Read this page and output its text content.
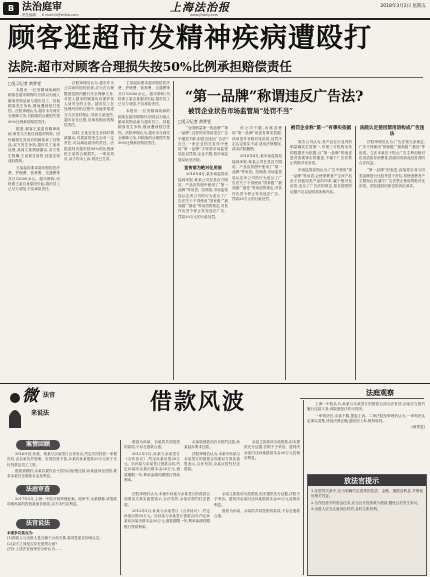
B 法治庭审
责任编辑 E-mail:fz@shfzb.com
上海法治报
www.jfdaily.com
2018年3月2日 星期五
顾客逛超市发精神疾病遭殴打
法院:超市对顾客合理损失按50%比例承担赔偿责任
□见习记者 黄霁雯

本报讯 一位有精神疾病的顾客在超市购物时,因误以为他人偷拿其物品而与超市员工、其他顾客发生争执,继而遭到殴打受伤。法院审理认为,超市未尽到安全保障义务,对顾客的合理损失按50%比例承担赔偿责任。

据悉,顾客王某患有精神疾病,事发当天独自到超市购物。因怀疑排在其身后的顾客拿了其物品,双方发生争执,超市员工前来处理,其间王某情绪激动,双方发生推搡,王某被打致伤,经鉴定构成轻微伤。

王某起诉要求超市赔偿医疗费、护理费、营养费、交通费等共计12000余元。超市辩称,纠纷系王某自身原因引起,超市员工已尽力劝阻,不应承担责任。

法院审理后认为,超市作为公共场所的经营者,应当在合理限度范围内履行安全保障义务,对进入超市的顾客负有保护其人身安全的义务。超市员工在处理纠纷的过程中,未能采取适当方法及时制止,导致王某受伤,超市存在过错,应承担相应的赔偿责任。

同时,王某在发生争执时情绪激动,对损害的发生亦有一定责任,可以减轻超市的责任。法院遂判决超市按50%的比例承担王某的合理损失。一审宣判后,双方均未上诉,判决已生效。

王某起诉要求超市赔偿医疗费、护理费、营养费、交通费等共计12000余元。超市辩称,纠纷系王某自身原因引起,超市员工已尽力劝阻,不应承担责任。

本报讯 一位有精神疾病的顾客在超市购物时,因误以为他人偷拿其物品而与超市员工、其他顾客发生争执,继而遭到殴打受伤。法院审理认为,超市未尽到安全保障义务,对顾客的合理损失按50%比例承担赔偿责任。

“第一品牌”称谓违反广告法?
被罚企业状告市场监管局“处罚不当”
□见习记者 黄霁雯

“全国销量第一的品牌”“第一品牌”,这样的宣传用语在广告中屡见不鲜,但是否违反广告法?近日,一家企业因在宣传中使用“第一品牌”字样被市场监管局处以罚款,企业不服,将市场监管局诉至法院。

宣传语为绝对化用语

2016年4月,某市场监管局接到举报,称某公司在其官方网站、产品宣传册中使用了“第一品牌”等用语。经调查,市场监管局认定该公司的行为违反了广告法关于不得使用“国家级”“最高级”“最佳”等用语的规定,对其作出责令停止发布违法广告、罚款20万元的行政处罚。

该公司不服,诉称其使用“第一品牌”用语有事实依据,该用语并非绝对化用语,处罚决定认定事实不清,适用法律错误,请求法院撤销。

2016年4月,某市场监管局接到举报,称某公司在其官方网站、产品宣传册中使用了“第一品牌”等用语。经调查,市场监管局认定该公司的行为违反了广告法关于不得使用“国家级”“最高级”“最佳”等用语的规定,对其作出责令停止发布违法广告、罚款20万元的行政处罚。

被罚企业称“第一”有事实依据

原告公司认为,其产品在行业内的销量确实位居第一,有第三方机构出具的数据作为依据,且“第一品牌”的表述是对客观事实的描述,不属于广告法禁止的绝对化用语。

市场监管局则认为,广告中使用“第一品牌”等用语,会使消费者产生该产品优于其他同类产品的印象,属于绝对化用语,违反了广告法的规定,原告提供的证据不足以证明其所称内容。

法院认定使用禁用语构成广告违法

法院审理后认为,广告法第九条规定,广告不得使用“国家级”“最高级”“最佳”等用语。立法本意在于防止广告主利用绝对化用语误导消费者,损害同类商品经营者的合法权益。

“第一品牌”的表述,直接将自身与同类品牌进行比较并居于首位,易使消费者产生错误认识,属于广告法禁止使用的绝对化用语。法院遂驳回原告的诉讼请求。

微 法官
来说法	借款风波	法庭观察
案情回顾
法庭审查
法官说法

2016年初,孙某、林某与余某签订合作协议,约定共同经营一家餐饮店,由余某负责管理。后因经营不善,余某向孙某借款20万元用于支付货款及员工工资。

借款到期后,余某以餐饮店亏损为由拒绝还款,孙某遂诉至法院,要求余某归还借款本金及利息。

2017年3月,上海一中院开庭审理此案。庭审中,余某辩称,该笔款项系孙某的投资款而非借款,双方未约定利息。

本案争议焦点为:

(1)借款人与出借人是否属于合伙关系,款项性质应如何认定;

(2)双方之间是否存在借贷合意?

法官:上述法官庭审后分析认为......

借款为孙某、余某的共同投资的款项,不存在借款合意。

2012年3月,孙某与余某签订《合作协议》,约定孙某出资20万元。后孙某与余某签订借款合同,约定孙某向余某出借本金20万元,借款期限一年,利率参照同期银行贷款利率。

余某收到款项后未按约还款,孙某起诉要求还款。

法院审理后认为,本案中孙某与余某签订的借款合同系双方真实意思表示,合法有效,余某应按约归还借款。

余某主张款项为投资款,但未提供充分证据,法院不予采信。遂判决余某归还孙某借款本金20万元及相应利息。

法院审理后认为,本案中孙某与余某签订的借款合同系双方真实意思表示,合法有效,余某应按约归还借款。

2012年3月,孙某与余某签订《合作协议》,约定孙某出资20万元。后孙某与余某签订借款合同,约定孙某向余某出借本金20万元,借款期限一年,利率参照同期银行贷款利率。

余某主张款项为投资款,但未提供充分证据,法院不予采信。遂判决余某归还孙某借款本金20万元及相应利息。

借款为孙某、余某的共同投资的款项,不存在借款合意。

上海一中院认为,孙某与余某签订的借款合同合法有效,余某应当按约履行还款义务,该院遂依法作出判决。

一审判决后,余某不服,提起上诉。二审法院经审理后认为,一审判决认定事实清楚,适用法律正确,遂驳回上诉,维持原判。

(黄霁雯)

放法官提示

1.在借贷关系中,应当明确约定借贷的性质、金额、期限及利息,并保留好相关凭证。

2.合作经营中的资金往来,应当区分投资款与借款,避免日后发生争议。

3.出借人应当注意诉讼时效,及时主张权利。
